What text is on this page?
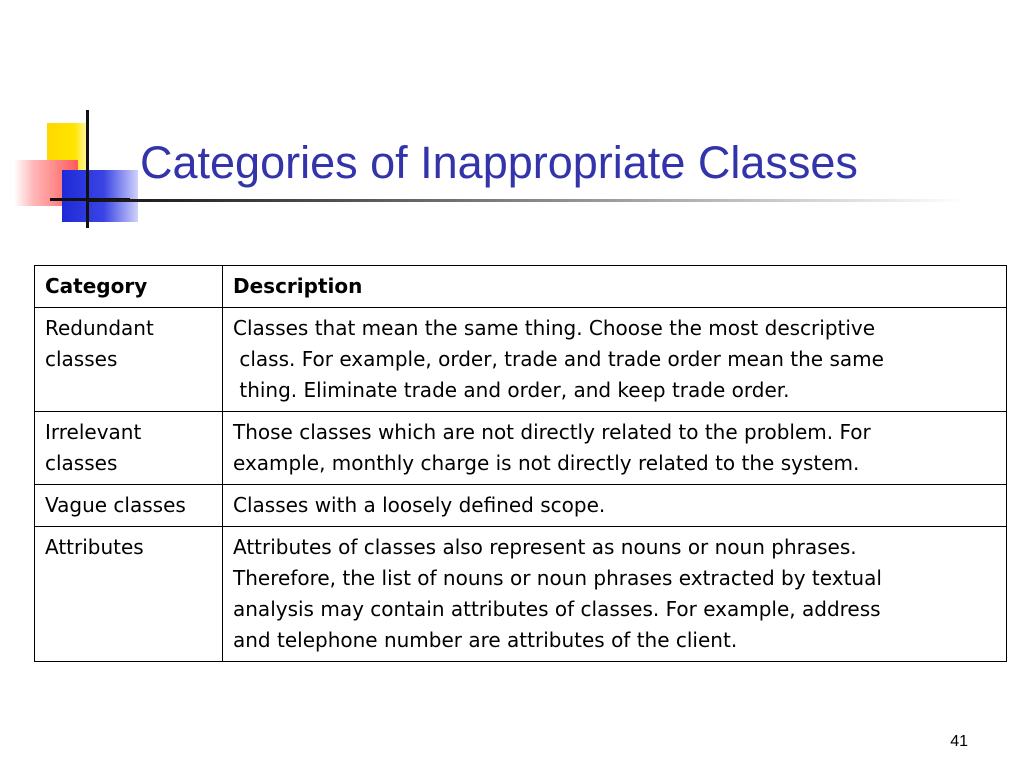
Categories of Inappropriate Classes
Category	Description

Redundant
classes	Classes that mean the same thing. Choose the most descriptive
class. For example, order, trade and trade order mean the same
thing. Eliminate trade and order, and keep trade order.

Irrelevant
classes	Those classes which are not directly related to the problem. For
example, monthly charge is not directly related to the system.

Vague classes	Classes with a loosely defined scope.

Attributes	Attributes of classes also represent as nouns or noun phrases.
Therefore, the list of nouns or noun phrases extracted by textual
analysis may contain attributes of classes. For example, address
and telephone number are attributes of the client.
41
